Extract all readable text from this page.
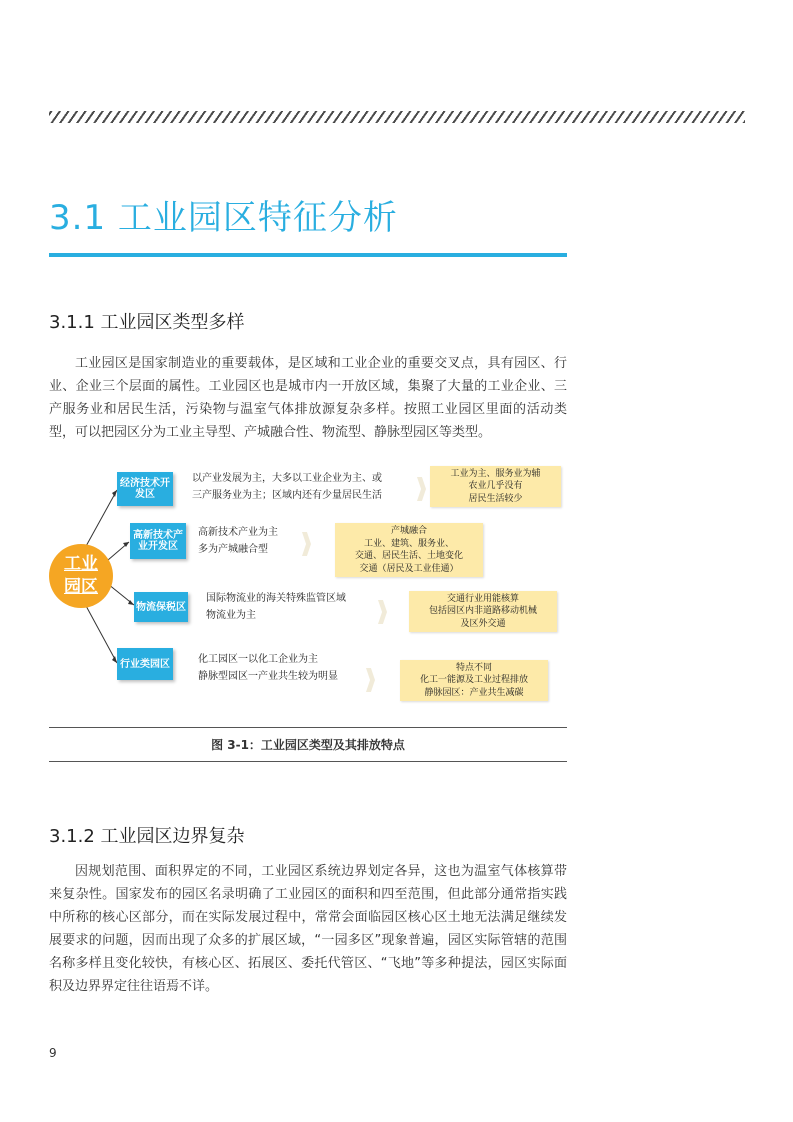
3.1 工业园区特征分析
3.1.1 工业园区类型多样

工业园区是国家制造业的重要载体，是区域和工业企业的重要交叉点，具有园区、行业、企业三个层面的属性。工业园区也是城市内一开放区域，集聚了大量的工业企业、三产服务业和居民生活，污染物与温室气体排放源复杂多样。按照工业园区里面的活动类型，可以把园区分为工业主导型、产城融合性、物流型、静脉型园区等类型。

工业园区
经济技术开发区
以产业发展为主，大多以工业企业为主、或
三产服务业为主；区域内还有少量居民生活
工业为主、服务业为辅
农业几乎没有
居民生活较少
高新技术产业开发区
高新技术产业为主
多为产城融合型
产城融合
工业、建筑、服务业、
交通、居民生活、土地变化
交通（居民及工业佳通）
物流保税区
国际物流业的海关特殊监管区域
物流业为主
交通行业用能核算
包括园区内非道路移动机械
及区外交通
行业类园区	化工园区一以化工企业为主
静脉型园区一产业共生较为明显
特点不同
化工一能源及工业过程排放
静脉园区：产业共生减碳
图 3-1：工业园区类型及其排放特点
3.1.2 工业园区边界复杂

因规划范围、面积界定的不同，工业园区系统边界划定各异，这也为温室气体核算带来复杂性。国家发布的园区名录明确了工业园区的面积和四至范围，但此部分通常指实践中所称的核心区部分，而在实际发展过程中，常常会面临园区核心区土地无法满足继续发展要求的问题，因而出现了众多的扩展区域，“一园多区”现象普遍，园区实际管辖的范围名称多样且变化较快，有核心区、拓展区、委托代管区、“飞地”等多种提法，园区实际面积及边界界定往往语焉不详。

9
